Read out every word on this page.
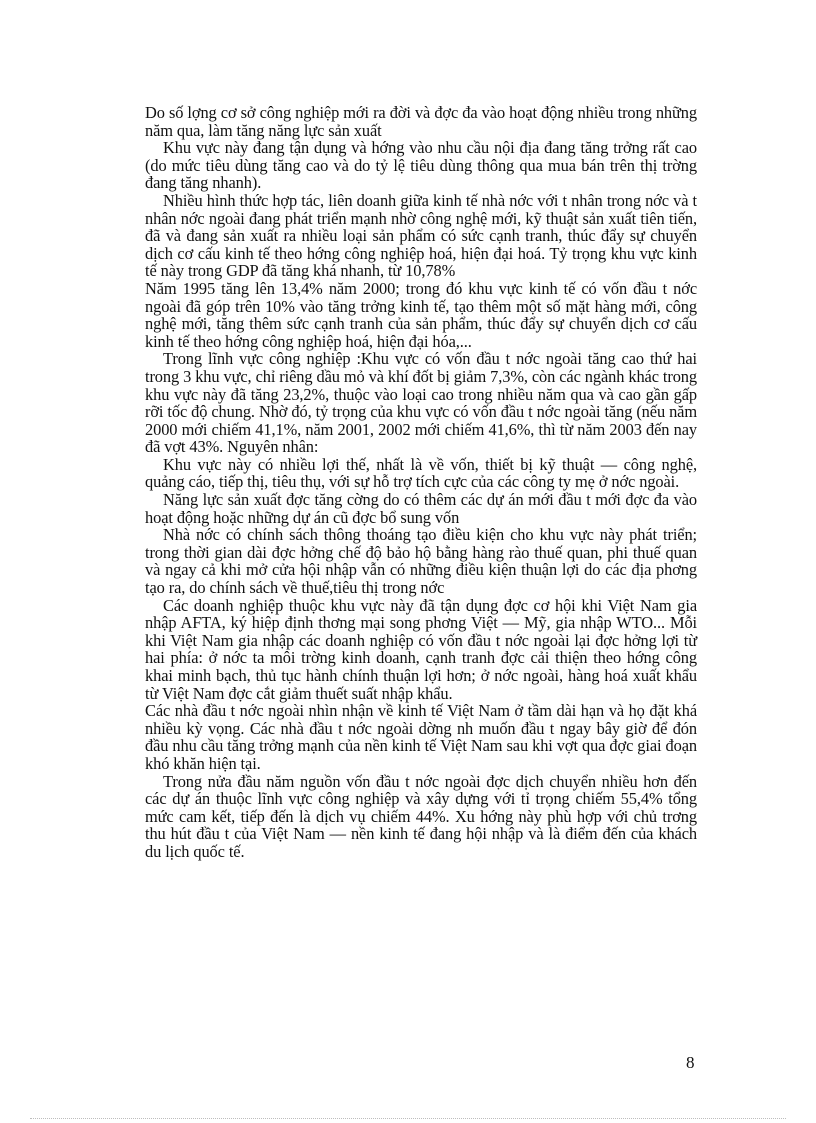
Do số lợng cơ sở công nghiệp mới ra đời và đợc đa vào hoạt động nhiều trong những năm qua, làm tăng năng lực sản xuất

Khu vực này đang tận dụng và hớng vào nhu cầu nội địa đang tăng trởng rất cao (do mức tiêu dùng tăng cao và do tỷ lệ tiêu dùng thông qua mua bán trên thị trờng đang tăng nhanh).

Nhiều hình thức hợp tác, liên doanh giữa kinh tế nhà nớc với t nhân trong nớc và t nhân nớc ngoài đang phát triển mạnh nhờ công nghệ mới, kỹ thuật sản xuất tiên tiến, đã và đang sản xuất ra nhiều loại sản phẩm có sức cạnh tranh, thúc đẩy sự chuyển dịch cơ cấu kinh tế theo hớng công nghiệp hoá, hiện đại hoá. Tỷ trọng khu vực kinh tế này trong GDP đã tăng khá nhanh, từ 10,78%

Năm 1995 tăng lên 13,4% năm 2000; trong đó khu vực kinh tế có vốn đầu t nớc ngoài đã góp trên 10% vào tăng trởng kinh tế, tạo thêm một số mặt hàng mới, công nghệ mới, tăng thêm sức cạnh tranh của sản phẩm, thúc đẩy sự chuyển dịch cơ cấu kinh tế theo hớng công nghiệp hoá, hiện đại hóa,...

Trong lĩnh vực công nghiệp :Khu vực có vốn đầu t nớc ngoài tăng cao thứ hai trong 3 khu vực, chỉ riêng dầu mỏ và khí đốt bị giảm 7,3%, còn các ngành khác trong khu vực này đã tăng 23,2%, thuộc vào loại cao trong nhiều năm qua và cao gần gấp rỡi tốc độ chung. Nhờ đó, tỷ trọng của khu vực có vốn đầu t nớc ngoài tăng (nếu năm 2000 mới chiếm 41,1%, năm 2001, 2002 mới chiếm 41,6%, thì từ năm 2003 đến nay đã vợt 43%. Nguyên nhân:

Khu vực này có nhiều lợi thế, nhất là về vốn, thiết bị kỹ thuật — công nghệ, quảng cáo, tiếp thị, tiêu thụ, với sự hỗ trợ tích cực của các công ty mẹ ở nớc ngoài.

Năng lực sản xuất đợc tăng cờng do có thêm các dự án mới đầu t mới đợc đa vào hoạt động hoặc những dự án cũ đợc bổ sung vốn

Nhà nớc có chính sách thông thoáng tạo điều kiện cho khu vực này phát triển; trong thời gian dài đợc hởng chế độ bảo hộ bằng hàng rào thuế quan, phi thuế quan và ngay cả khi mở cửa hội nhập vẫn có những điều kiện thuận lợi do các địa phơng tạo ra, do chính sách về thuế,tiêu thị trong nớc

Các doanh nghiệp thuộc khu vực này đã tận dụng đợc cơ hội khi Việt Nam gia nhập AFTA, ký hiệp định thơng mại song phơng Việt — Mỹ, gia nhập WTO... Mỗi khi Việt Nam gia nhập các doanh nghiệp có vốn đầu t nớc ngoài lại đợc hởng lợi từ hai phía: ở nớc ta môi trờng kinh doanh, cạnh tranh đợc cải thiện theo hớng công khai minh bạch, thủ tục hành chính thuận lợi hơn; ở nớc ngoài, hàng hoá xuất khẩu từ Việt Nam đợc cắt giảm thuết suất nhập khẩu.

Các nhà đầu t nớc ngoài nhìn nhận về kinh tế Việt Nam ở tầm dài hạn và họ đặt khá nhiều kỳ vọng. Các nhà đầu t nớc ngoài dờng nh muốn đầu t ngay bây giờ để đón đầu nhu cầu tăng trởng mạnh của nền kinh tế Việt Nam sau khi vợt qua đợc giai đoạn khó khăn hiện tại.

Trong nửa đầu năm nguồn vốn đầu t nớc ngoài đợc dịch chuyển nhiều hơn đến các dự án thuộc lĩnh vực công nghiệp và xây dựng với tỉ trọng chiếm 55,4% tổng mức cam kết, tiếp đến là dịch vụ chiếm 44%. Xu hớng này phù hợp với chủ trơng thu hút đầu t của Việt Nam — nền kinh tế đang hội nhập và là điểm đến của khách du lịch quốc tế.

8
